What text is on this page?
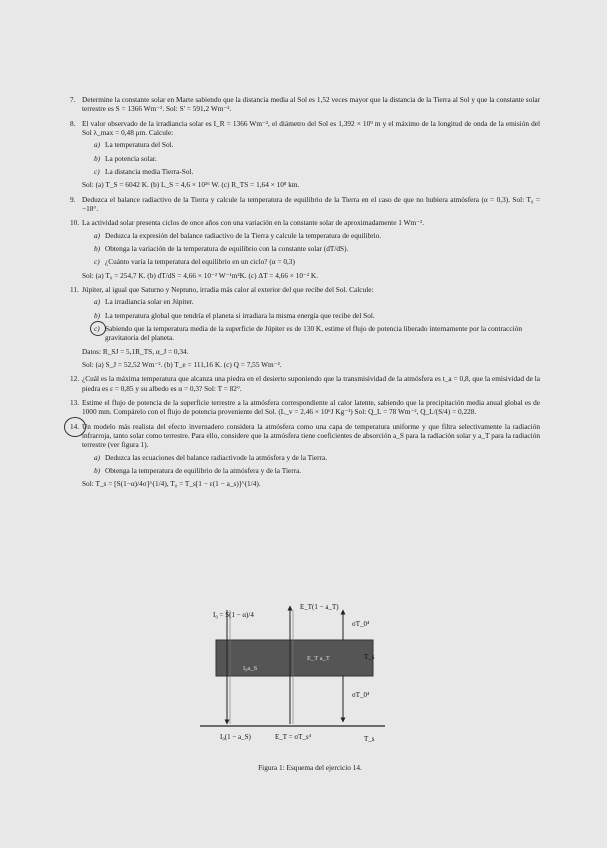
7. Determine la constante solar en Marte sabiendo que la distancia media al Sol es 1,52 veces mayor que la distancia de la Tierra al Sol y que la constante solar terrestre es S = 1366 Wm⁻². Sol: S' = 591,2 Wm⁻².
8. El valor observado de la irradiancia solar es I_R = 1366 Wm⁻², el diámetro del Sol es 1,392 × 10⁹ m y el máximo de la longitud de onda de la emisión del Sol λ_max = 0,48 μm. Calcule:
a) La temperatura del Sol.
b) La potencia solar.
c) La distancia media Tierra-Sol.
Sol: (a) T_S = 6042 K. (b) L_S = 4,6 × 10²⁶ W. (c) R_TS = 1,64 × 10⁸ km.
9. Deduzca el balance radiactivo de la Tierra y calcule la temperatura de equilibrio de la Tierra en el caso de que no hubiera atmósfera (α = 0,3). Sol: T₀ = −18°.
10. La actividad solar presenta ciclos de once años con una variación en la constante solar de aproximadamente 1 Wm⁻².
a) Deduzca la expresión del balance radiactivo de la Tierra y calcule la temperatura de equilibrio.
b) Obtenga la variación de la temperatura de equilibrio con la constante solar (dT/dS).
c) ¿Cuánto varía la temperatura del equilibrio en un ciclo? (α = 0,3)
Sol: (a) T₀ = 254,7 K. (b) dT/dS = 4,66 × 10⁻² W⁻¹m²K. (c) ΔT = 4,66 × 10⁻² K.
11. Júpiter, al igual que Saturno y Neptuno, irradia más calor al exterior del que recibe del Sol. Calcule:
a) La irradiancia solar en Júpiter.
b) La temperatura global que tendría el planeta si irradiara la misma energía que recibe del Sol.
c) Sabiendo que la temperatura media de la superficie de Júpiter es de 130 K, estime el flujo de potencia liberado internamente por la contracción gravitatoria del planeta.
Datos: R_SJ = 5,1R_TS, α_J = 0,34.
Sol: (a) S_J = 52,52 Wm⁻². (b) T_e = 111,16 K. (c) Q = 7,55 Wm⁻².
12. ¿Cuál es la máxima temperatura que alcanza una piedra en el desierto suponiendo que la transmisividad de la atmósfera es t_a = 0,8, que la emisividad de la piedra es ε = 0,85 y su albedo es α = 0,3? Sol: T = 82°.
13. Estime el flujo de potencia de la superficie terrestre a la atmósfera correspondiente al calor latente, sabiendo que la precipitación media anual global es de 1000 mm. Compárelo con el flujo de potencia proveniente del Sol. (L_v = 2,46 × 10⁶J Kg⁻¹) Sol: Q_L = 78 Wm⁻², Q_L/(S/4) = 0,228.
14. Un modelo más realista del efecto invernadero considera la atmósfera como una capa de temperatura uniforme y que filtra selectivamente la radiación infrarroja, tanto solar como terrestre. Para ello, considere que la atmósfera tiene coeficientes de absorción a_S para la radiación solar y a_T para la radiación terrestre (ver figura 1).
a) Deduzca las ecuaciones del balance radiactivode la atmósfera y de la Tierra.
b) Obtenga la temperatura de equilibrio de la atmósfera y de la Tierra.
Sol: T_s = [S(1−α)/4σ]^(1/4), T₀ = T_s[1 − ε(1 − a_s)]^(1/4).
I₀ = S(1 − α)/4
E_T(1 − a_T)
σT_0⁴
T_s
I₀a_S
E_T a_T
σT_0⁴
I₀(1 − a_S)	E_T = σT_s⁴	T_s
Figura 1: Esquema del ejercicio 14.
